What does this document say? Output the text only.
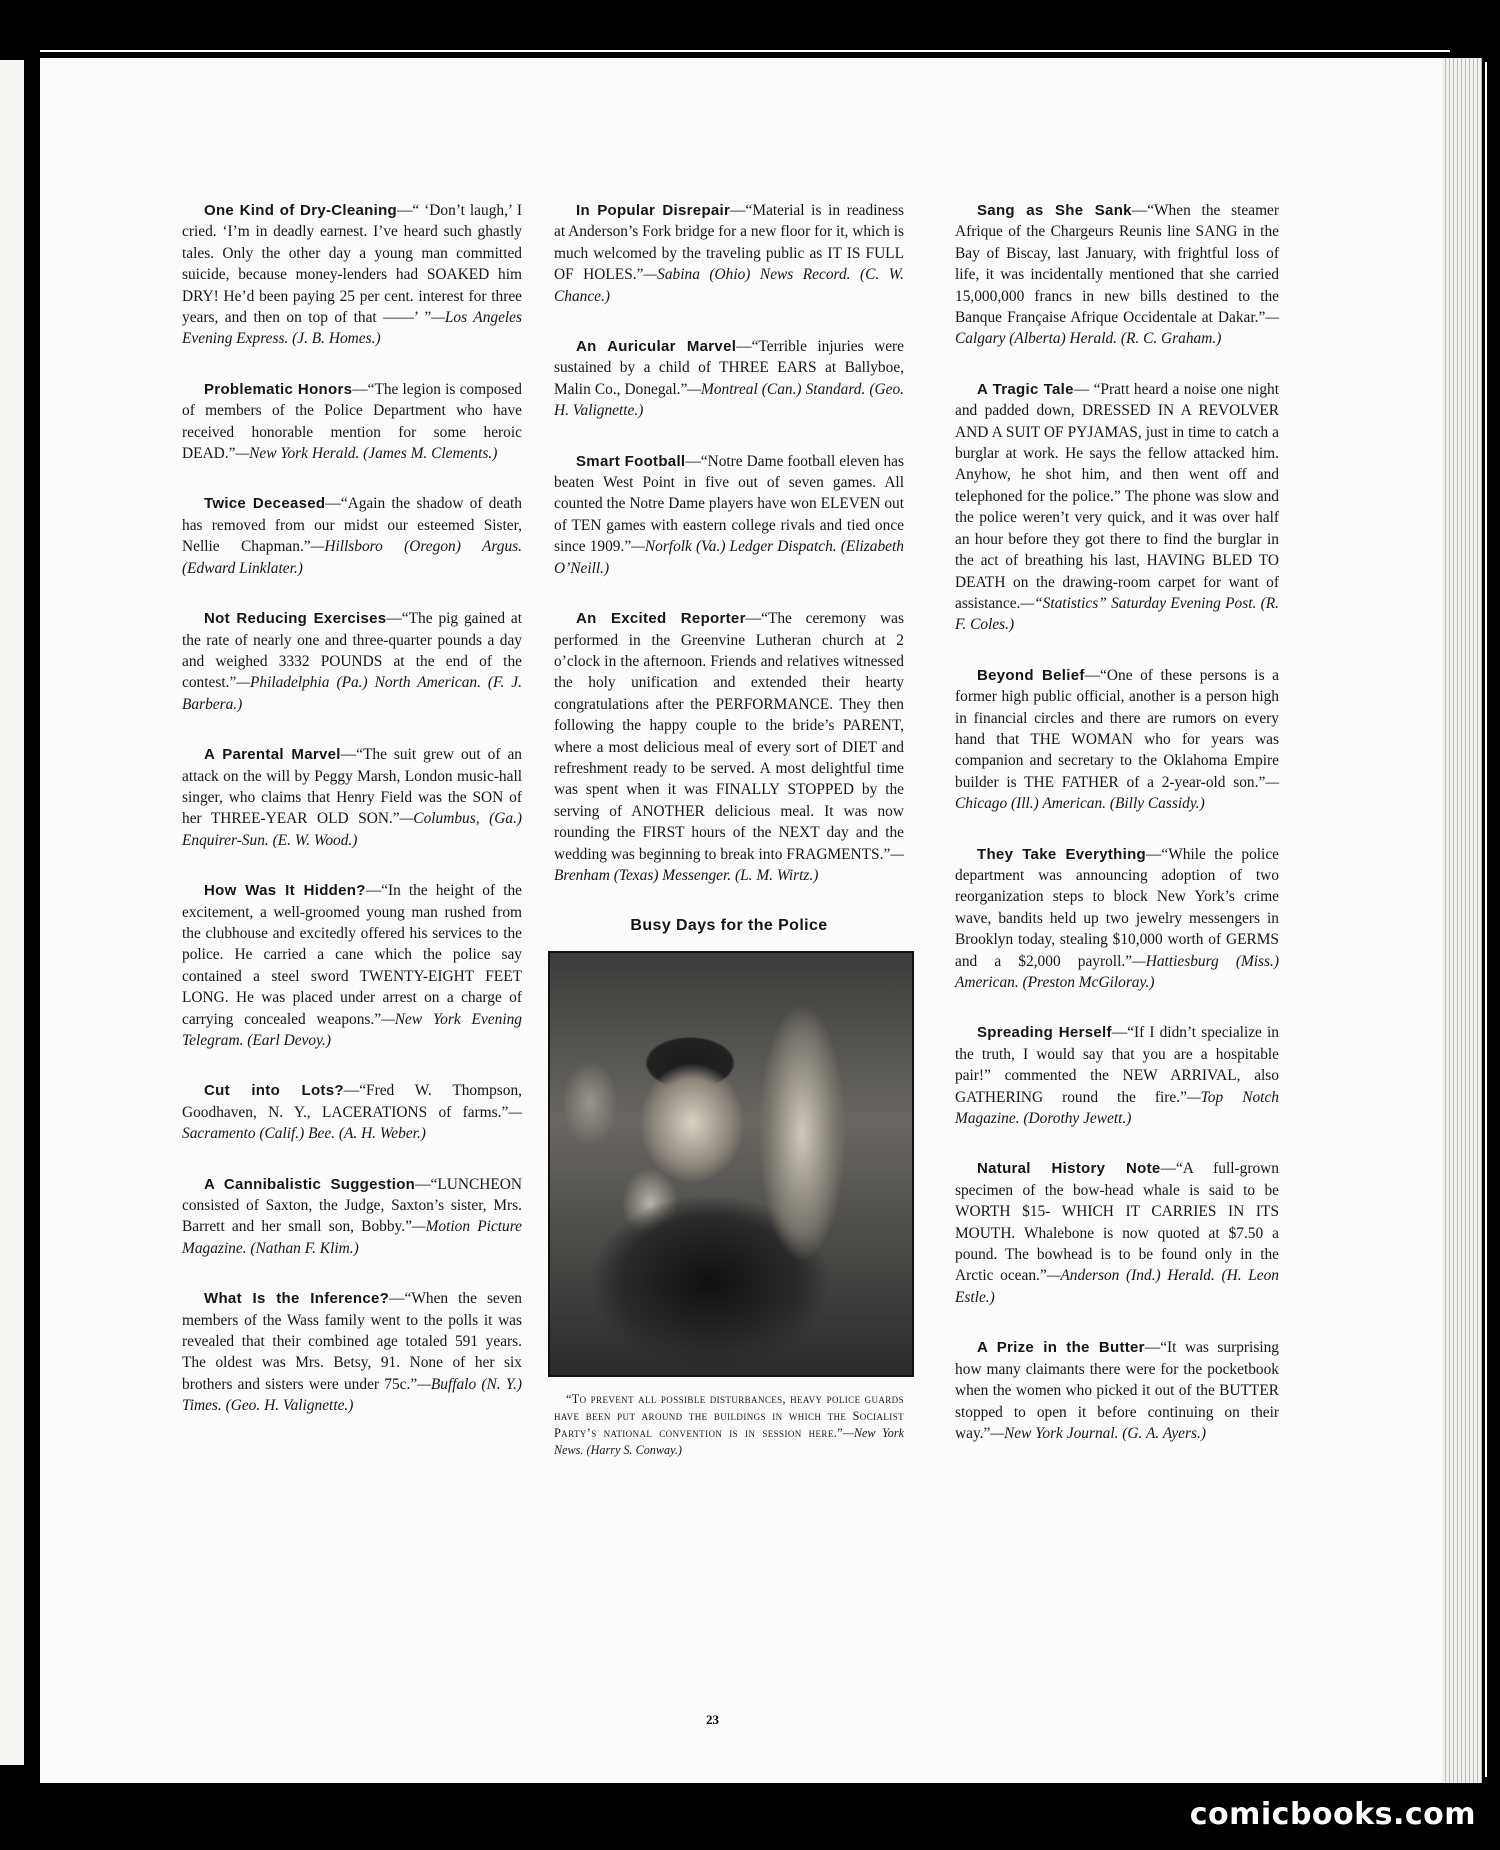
One Kind of Dry-Cleaning—“ ‘Don’t laugh,’ I cried. ‘I’m in deadly earnest. I’ve heard such ghastly tales. Only the other day a young man committed suicide, because money-lenders had SOAKED him DRY! He’d been paying 25 per cent. interest for three years, and then on top of that ——’ ”—Los Angeles Evening Express. (J. B. Homes.)

Problematic Honors—“The legion is composed of members of the Police Department who have received honorable mention for some heroic DEAD.”—New York Herald. (James M. Clements.)

Twice Deceased—“Again the shadow of death has removed from our midst our esteemed Sister, Nellie Chapman.”—Hillsboro (Oregon) Argus. (Edward Linklater.)

Not Reducing Exercises—“The pig gained at the rate of nearly one and three-quarter pounds a day and weighed 3332 POUNDS at the end of the contest.”—Philadelphia (Pa.) North American. (F. J. Barbera.)

A Parental Marvel—“The suit grew out of an attack on the will by Peggy Marsh, London music-hall singer, who claims that Henry Field was the SON of her THREE-YEAR OLD SON.”—Columbus, (Ga.) Enquirer-Sun. (E. W. Wood.)

How Was It Hidden?—“In the height of the excitement, a well-groomed young man rushed from the clubhouse and excitedly offered his services to the police. He carried a cane which the police say contained a steel sword TWENTY-EIGHT FEET LONG. He was placed under arrest on a charge of carrying concealed weapons.”—New York Evening Telegram. (Earl Devoy.)

Cut into Lots?—“Fred W. Thompson, Goodhaven, N. Y., LACERATIONS of farms.”—Sacramento (Calif.) Bee. (A. H. Weber.)

A Cannibalistic Suggestion—“LUNCHEON consisted of Saxton, the Judge, Saxton’s sister, Mrs. Barrett and her small son, Bobby.”—Motion Picture Magazine. (Nathan F. Klim.)

What Is the Inference?—“When the seven members of the Wass family went to the polls it was revealed that their combined age totaled 591 years. The oldest was Mrs. Betsy, 91. None of her six brothers and sisters were under 75c.”—Buffalo (N. Y.) Times. (Geo. H. Valignette.)

In Popular Disrepair—“Material is in readiness at Anderson’s Fork bridge for a new floor for it, which is much welcomed by the traveling public as IT IS FULL OF HOLES.”—Sabina (Ohio) News Record. (C. W. Chance.)

An Auricular Marvel—“Terrible injuries were sustained by a child of THREE EARS at Ballyboe, Malin Co., Donegal.”—Montreal (Can.) Standard. (Geo. H. Valignette.)

Smart Football—“Notre Dame football eleven has beaten West Point in five out of seven games. All counted the Notre Dame players have won ELEVEN out of TEN games with eastern college rivals and tied once since 1909.”—Norfolk (Va.) Ledger Dispatch. (Elizabeth O’Neill.)

An Excited Reporter—“The ceremony was performed in the Greenvine Lutheran church at 2 o’clock in the afternoon. Friends and relatives witnessed the holy unification and extended their hearty congratulations after the PERFORMANCE. They then following the happy couple to the bride’s PARENT, where a most delicious meal of every sort of DIET and refreshment ready to be served. A most delightful time was spent when it was FINALLY STOPPED by the serving of ANOTHER delicious meal. It was now rounding the FIRST hours of the NEXT day and the wedding was beginning to break into FRAGMENTS.”—Brenham (Texas) Messenger. (L. M. Wirtz.)

Busy Days for the Police
“To prevent all possible disturbances, heavy police guards have been put around the buildings in which the Socialist Party’s national convention is in session here.”—New York News. (Harry S. Conway.)

Sang as She Sank—“When the steamer Afrique of the Chargeurs Reunis line SANG in the Bay of Biscay, last January, with frightful loss of life, it was incidentally mentioned that she carried 15,000,000 francs in new bills destined to the Banque Française Afrique Occidentale at Dakar.”—Calgary (Alberta) Herald. (R. C. Graham.)

A Tragic Tale— “Pratt heard a noise one night and padded down, DRESSED IN A REVOLVER AND A SUIT OF PYJAMAS, just in time to catch a burglar at work. He says the fellow attacked him. Anyhow, he shot him, and then went off and telephoned for the police.” The phone was slow and the police weren’t very quick, and it was over half an hour before they got there to find the burglar in the act of breathing his last, HAVING BLED TO DEATH on the drawing-room carpet for want of assistance.—“Statistics” Saturday Evening Post. (R. F. Coles.)

Beyond Belief—“One of these persons is a former high public official, another is a person high in financial circles and there are rumors on every hand that THE WOMAN who for years was companion and secretary to the Oklahoma Empire builder is THE FATHER of a 2-year-old son.”—Chicago (Ill.) American. (Billy Cassidy.)

They Take Everything—“While the police department was announcing adoption of two reorganization steps to block New York’s crime wave, bandits held up two jewelry messengers in Brooklyn today, stealing $10,000 worth of GERMS and a $2,000 payroll.”—Hattiesburg (Miss.) American. (Preston McGiloray.)

Spreading Herself—“If I didn’t specialize in the truth, I would say that you are a hospitable pair!” commented the NEW ARRIVAL, also GATHERING round the fire.”—Top Notch Magazine. (Dorothy Jewett.)

Natural History Note—“A full-grown specimen of the bow-head whale is said to be WORTH $15- WHICH IT CARRIES IN ITS MOUTH. Whalebone is now quoted at $7.50 a pound. The bowhead is to be found only in the Arctic ocean.”—Anderson (Ind.) Herald. (H. Leon Estle.)

A Prize in the Butter—“It was surprising how many claimants there were for the pocketbook when the women who picked it out of the BUTTER stopped to open it before continuing on their way.”—New York Journal. (G. A. Ayers.)

23
comicbooks.com
